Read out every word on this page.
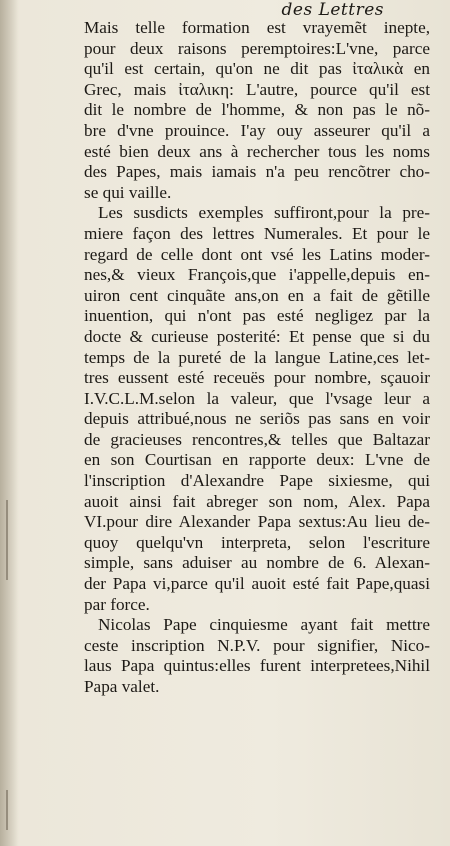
des Lettres
Mais telle formation est vrayemẽt inepte,
pour deux raisons peremptoires:L'vne, parce
qu'il est certain, qu'on ne dit pas ἰταλικὰ en
Grec, mais ἰταλικη: L'autre, pource qu'il est
dit le nombre de l'homme, & non pas le nõ-
bre d'vne prouince. I'ay ouy asseurer qu'il a
esté bien deux ans à rechercher tous les noms
des Papes, mais iamais n'a peu rencõtrer cho-
se qui vaille.
Les susdicts exemples suffiront,pour la pre-
miere façon des lettres Numerales. Et pour le
regard de celle dont ont vsé les Latins moder-
nes,& vieux François,que i'appelle,depuis en-
uiron cent cinquãte ans,on en a fait de gẽtille
inuention, qui n'ont pas esté negligez par la
docte & curieuse posterité: Et pense que si du
temps de la pureté de la langue Latine,ces let-
tres eussent esté receuës pour nombre, sçauoir
I.V.C.L.M.selon la valeur, que l'vsage leur a
depuis attribué,nous ne seriõs pas sans en voir
de gracieuses rencontres,& telles que Baltazar
en son Courtisan en rapporte deux: L'vne de
l'inscription d'Alexandre Pape sixiesme, qui
auoit ainsi fait abreger son nom, Alex. Papa
VI.pour dire Alexander Papa sextus:Au lieu de-
quoy quelqu'vn interpreta, selon l'escriture
simple, sans aduiser au nombre de 6. Alexan-
der Papa vi,parce qu'il auoit esté fait Pape,quasi
par force.
Nicolas Pape cinquiesme ayant fait mettre
ceste inscription N.P.V. pour signifier, Nico-
laus Papa quintus:elles furent interpretees,Nihil
Papa valet.
